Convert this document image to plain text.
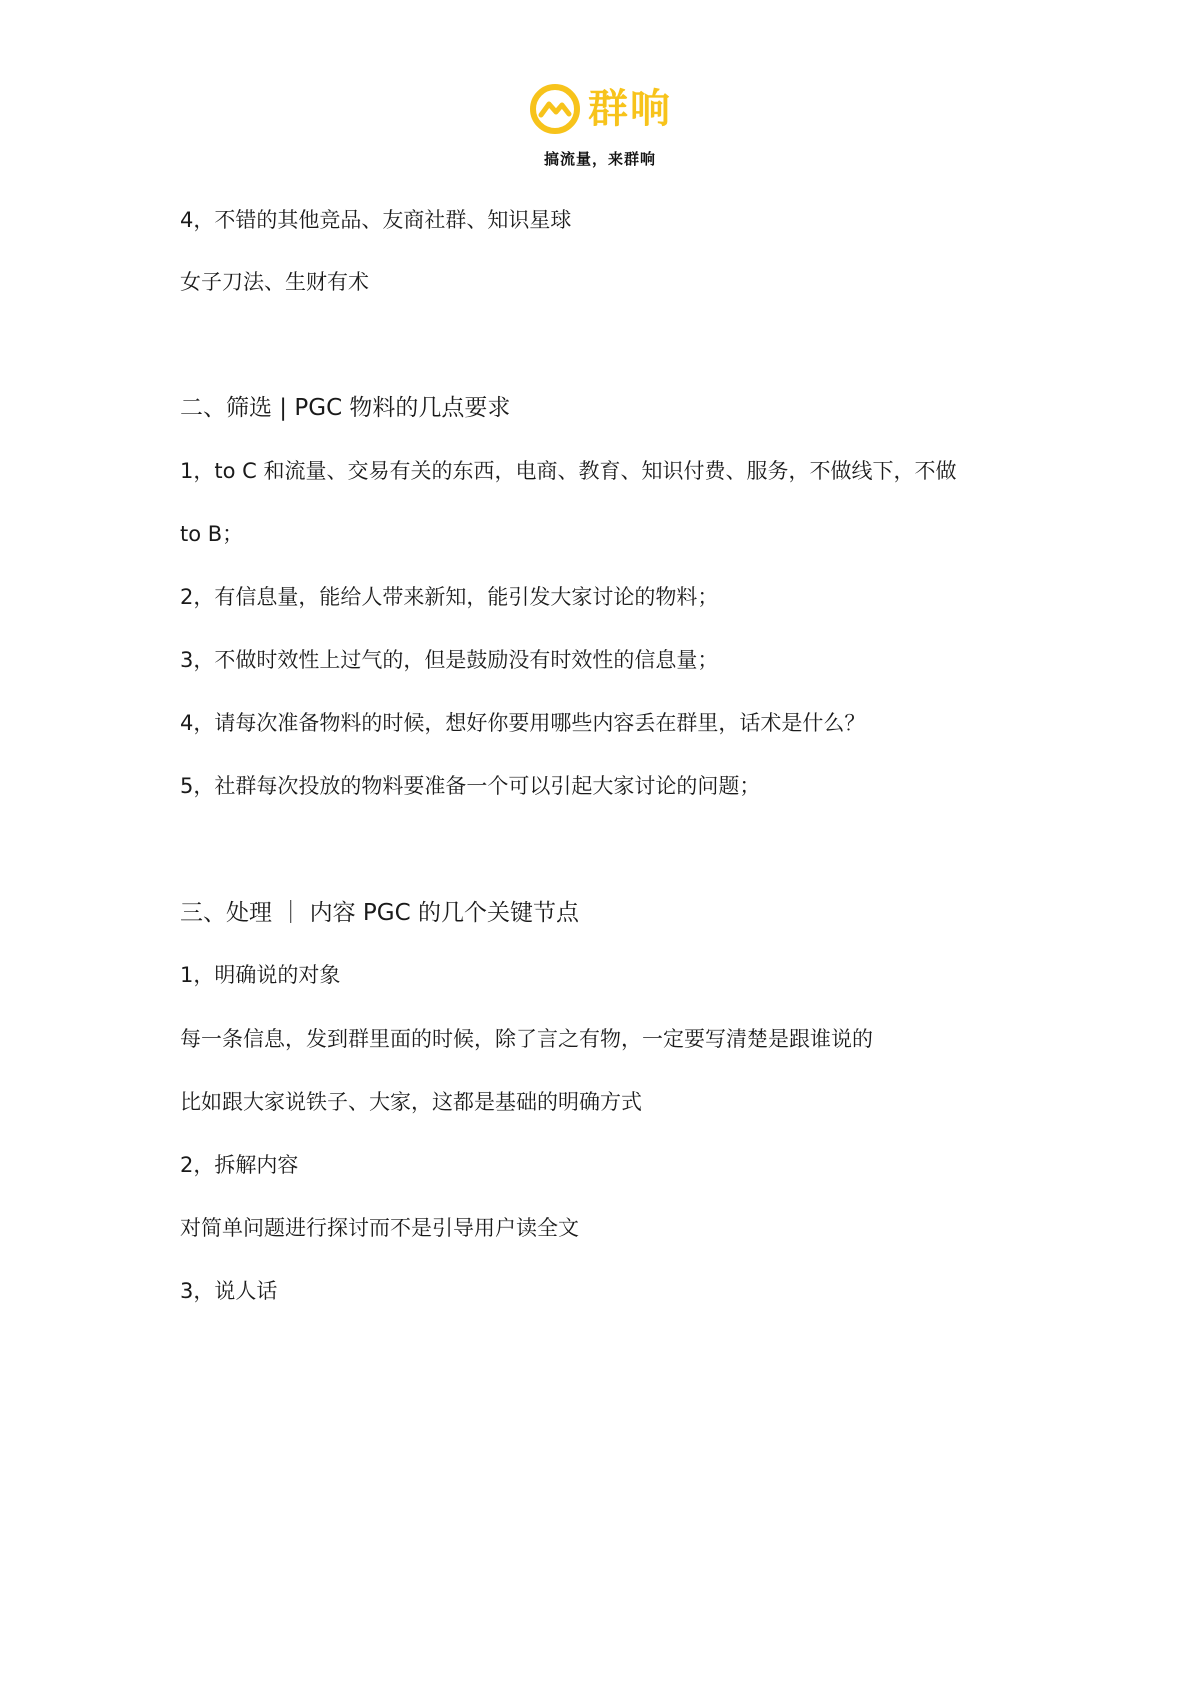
群响
搞流量，来群响
4，不错的其他竞品、友商社群、知识星球
女子刀法、生财有术
二、筛选 | PGC 物料的几点要求
1，to C 和流量、交易有关的东西，电商、教育、知识付费、服务，不做线下，不做
to B；
2，有信息量，能给人带来新知，能引发大家讨论的物料；
3，不做时效性上过气的，但是鼓励没有时效性的信息量；
4，请每次准备物料的时候，想好你要用哪些内容丢在群里，话术是什么？
5，社群每次投放的物料要准备一个可以引起大家讨论的问题；
三、处理 ｜ 内容 PGC 的几个关键节点
1，明确说的对象
每一条信息，发到群里面的时候，除了言之有物，一定要写清楚是跟谁说的
比如跟大家说铁子、大家，这都是基础的明确方式
2，拆解内容
对简单问题进行探讨而不是引导用户读全文
3，说人话
